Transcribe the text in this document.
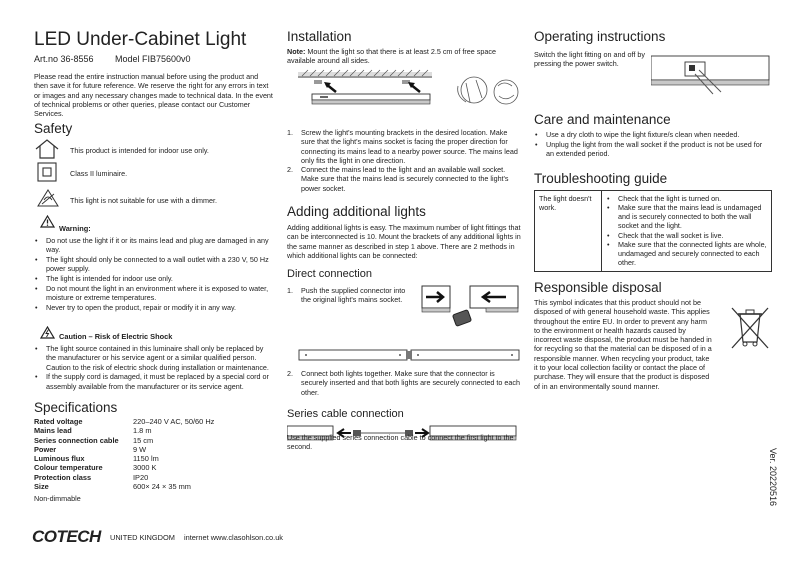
LED Under-Cabinet Light
Art.no 36-8556 Model FIB75600v0
Please read the entire instruction manual before using the product and then save it for future reference. We reserve the right for any errors in text or images and any necessary changes made to technical data. In the event of technical problems or other queries, please contact our Customer Services.
Safety
This product is intended for indoor use only.
Class II luminaire.
This light is not suitable for use with a dimmer.
Warning:
• Do not use the light if it or its mains lead and plug are damaged in any way.
• The light should only be connected to a wall outlet with a 230 V, 50 Hz power supply.
• The light is intended for indoor use only.
• Do not mount the light in an environment where it is exposed to water, moisture or extreme temperatures.
• Never try to open the product, repair or modify it in any way.
Caution – Risk of Electric Shock
• The light source contained in this luminaire shall only be replaced by the manufacturer or his service agent or a similar qualified person. Caution to the risk of electric shock during installation or maintenance.
• If the supply cord is damaged, it must be replaced by a special cord or assembly available from the manufacturer or its service agent.
Specifications
Rated voltage	220–240 V AC, 50/60 Hz
Mains lead	1.8 m
Series connection cable	15 cm
Power	9 W
Luminous flux	1150 lm
Colour temperature	3000 K
Protection class	IP20
Size	600× 24 × 35 mm
Non-dimmable
COTECH UNITED KINGDOM internet www.clasohlson.co.uk
Ver. 20220516
Installation
Note: Mount the light so that there is at least 2.5 cm of free space available around all sides.
1. Screw the light's mounting brackets in the desired location. Make sure that the light's mains socket is facing the proper direction for connecting its mains lead to a nearby power source. The mains lead only fits the light in one direction.
2. Connect the mains lead to the light and an available wall socket. Make sure that the mains lead is securely connected to the light's power socket.
Adding additional lights
Adding additional lights is easy. The maximum number of light fittings that can be interconnected is 10. Mount the brackets of any additional lights in the same manner as described in step 1 above. There are 2 methods in which additional lights can be connected:
Direct connection
1. Push the supplied connector into the original light's mains socket.
2. Connect both lights together. Make sure that the connector is securely inserted and that both lights are securely connected to each other.
Series cable connection
Use the supplied series connection cable to connect the first light to the second.
Operating instructions
Switch the light fitting on and off by pressing the power switch.
Care and maintenance
• Use a dry cloth to wipe the light fixture/s clean when needed.
• Unplug the light from the wall socket if the product is not be used for an extended period.
Troubleshooting guide
The light doesn't work.	
• Check that the light is turned on.
• Make sure that the mains lead is undamaged and is securely connected to both the wall socket and the light.
• Check that the wall socket is live.
• Make sure that the connected lights are whole, undamaged and securely connected to each other.
Responsible disposal
This symbol indicates that this product should not be disposed of with general household waste. This applies throughout the entire EU. In order to prevent any harm to the environment or health hazards caused by incorrect waste disposal, the product must be handed in for recycling so that the material can be disposed of in a responsible manner. When recycling your product, take it to your local collection facility or contact the place of purchase. They will ensure that the product is disposed of in an environmentally sound manner.
